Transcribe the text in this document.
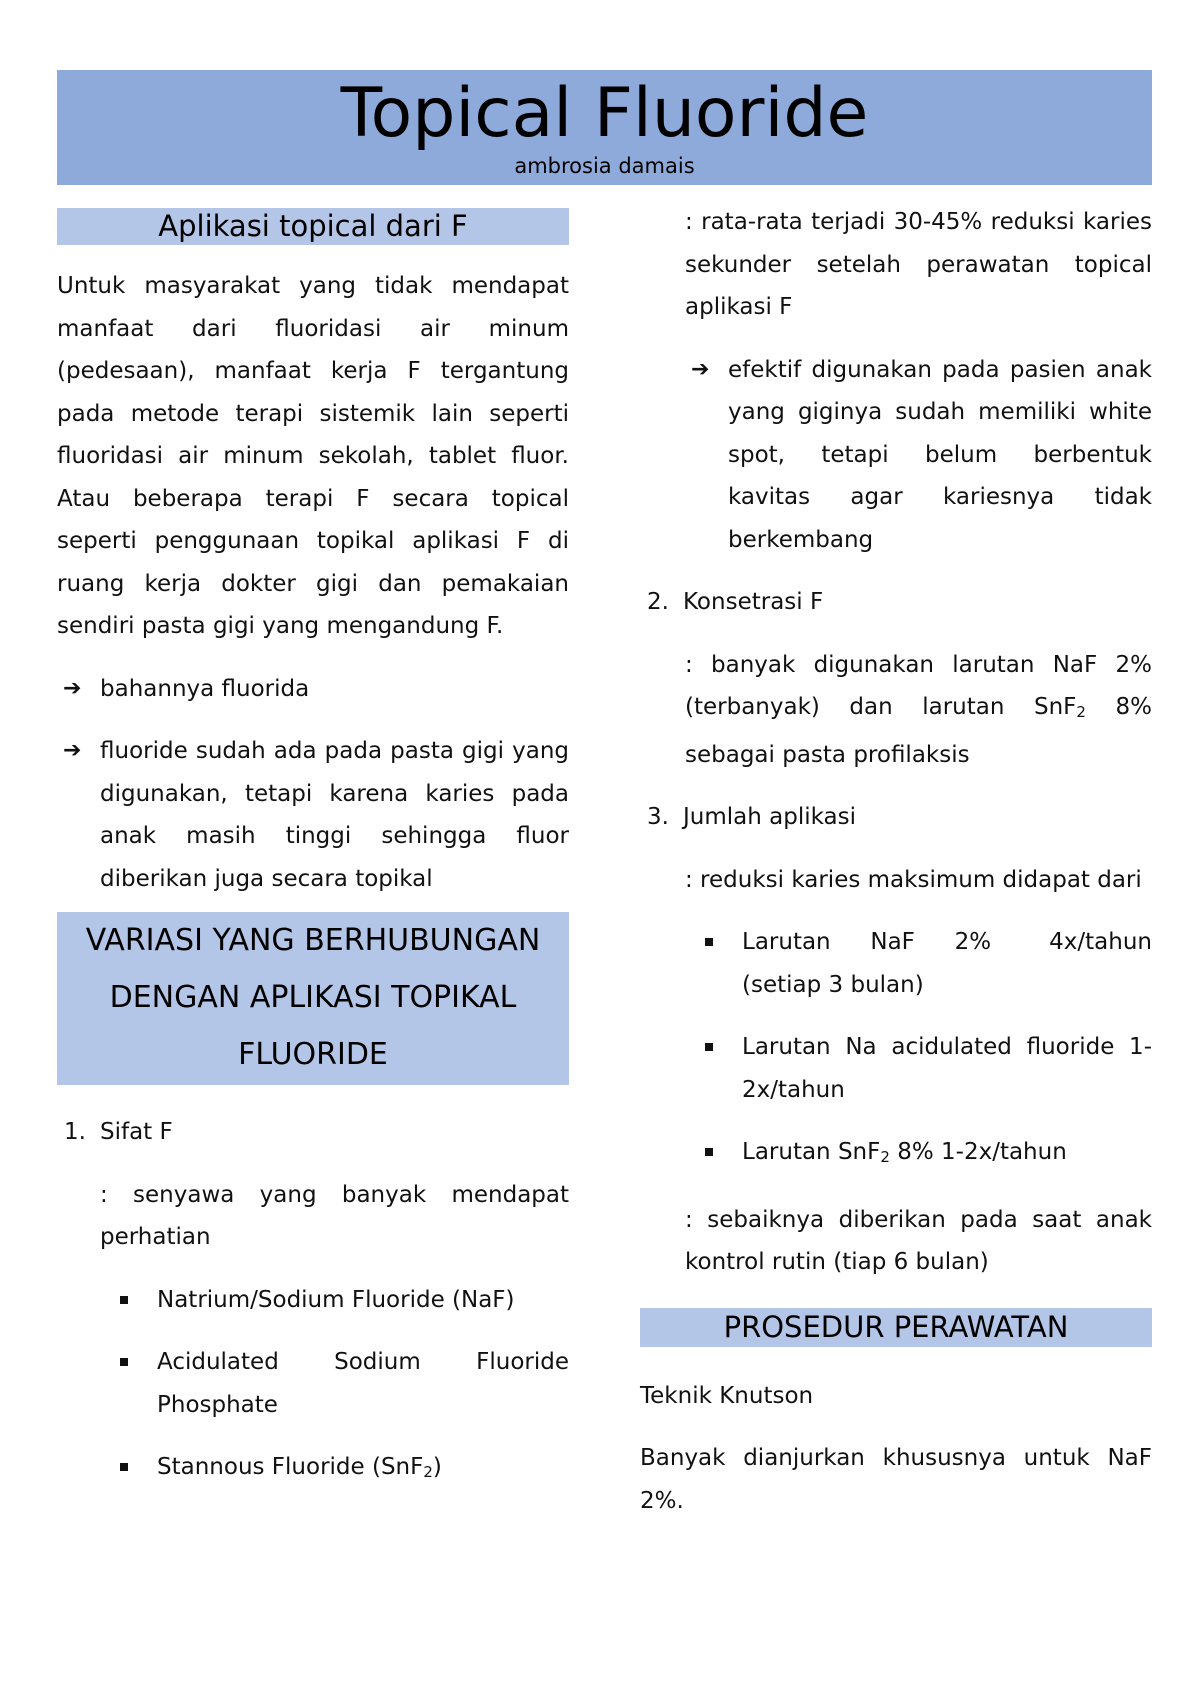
Topical Fluoride
ambrosia damais
Aplikasi topical dari F

Untuk masyarakat yang tidak mendapat manfaat dari fluoridasi air minum (pedesaan), manfaat kerja F tergantung pada metode terapi sistemik lain seperti fluoridasi air minum sekolah, tablet fluor. Atau beberapa terapi F secara topical seperti penggunaan topikal aplikasi F di ruang kerja dokter gigi dan pemakaian sendiri pasta gigi yang mengandung F.

➔ bahannya fluorida
➔ fluoride sudah ada pada pasta gigi yang digunakan, tetapi karena karies pada anak masih tinggi sehingga fluor diberikan juga secara topikal
VARIASI YANG BERHUBUNGAN DENGAN APLIKASI TOPIKAL FLUORIDE
1. Sifat F

: senyawa yang banyak mendapat perhatian

Natrium/Sodium Fluoride (NaF)
Acidulated Sodium Fluoride Phosphate
Stannous Fluoride (SnF$_2$)

: rata-rata terjadi 30-45% reduksi karies sekunder setelah perawatan topical aplikasi F

➔ efektif digunakan pada pasien anak yang giginya sudah memiliki white spot, tetapi belum berbentuk kavitas agar kariesnya tidak berkembang
2. Konsetrasi F

: banyak digunakan larutan NaF 2% (terbanyak) dan larutan SnF$_2$ 8% sebagai pasta profilaksis

3. Jumlah aplikasi

: reduksi karies maksimum didapat dari

Larutan NaF 2%	4x/tahun (setiap 3 bulan)
Larutan Na acidulated fluoride 1-2x/tahun
Larutan SnF$_2$ 8% 1-2x/tahun

: sebaiknya diberikan pada saat anak kontrol rutin (tiap 6 bulan)

PROSEDUR PERAWATAN

Teknik Knutson

Banyak dianjurkan khususnya untuk NaF 2%.
